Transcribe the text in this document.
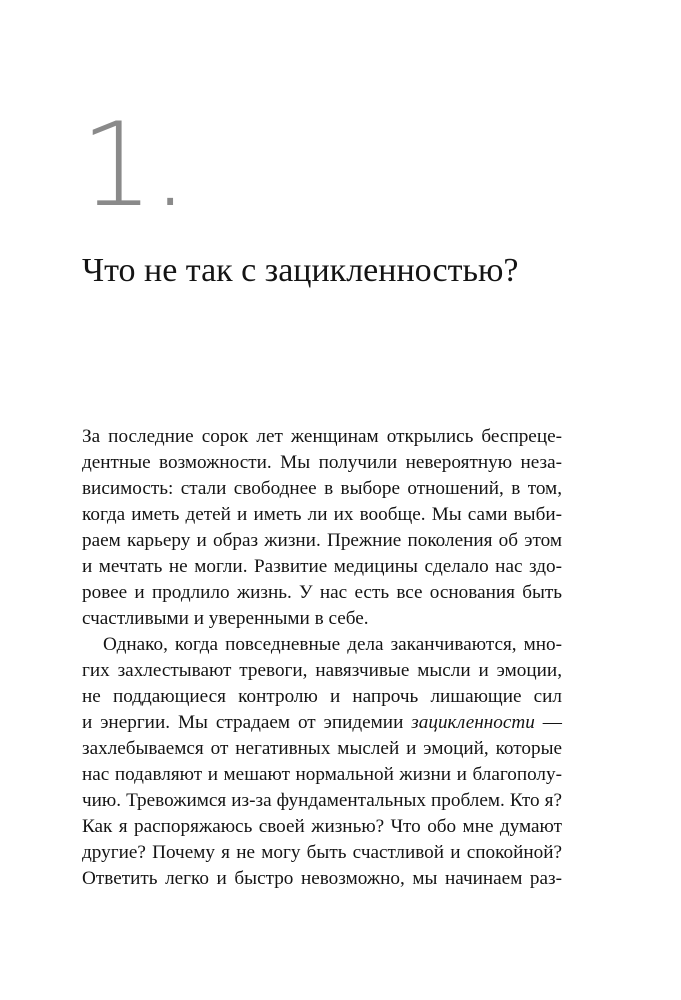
1.
Что не так с зацикленностью?

За последние сорок лет женщинам открылись беспреце-
дентные возможности. Мы получили невероятную неза-
висимость: стали свободнее в выборе отношений, в том,
когда иметь детей и иметь ли их вообще. Мы сами выби-
раем карьеру и образ жизни. Прежние поколения об этом
и мечтать не могли. Развитие медицины сделало нас здо-
ровее и продлило жизнь. У нас есть все основания быть
счастливыми и уверенными в себе.

Однако, когда повседневные дела заканчиваются, мно-
гих захлестывают тревоги, навязчивые мысли и эмоции,
не поддающиеся контролю и напрочь лишающие сил
и энергии. Мы страдаем от эпидемии зацикленности —
захлебываемся от негативных мыслей и эмоций, которые
нас подавляют и мешают нормальной жизни и благополу-
чию. Тревожимся из-за фундаментальных проблем. Кто я?
Как я распоряжаюсь своей жизнью? Что обо мне думают
другие? Почему я не могу быть счастливой и спокойной?
Ответить легко и быстро невозможно, мы начинаем раз-
